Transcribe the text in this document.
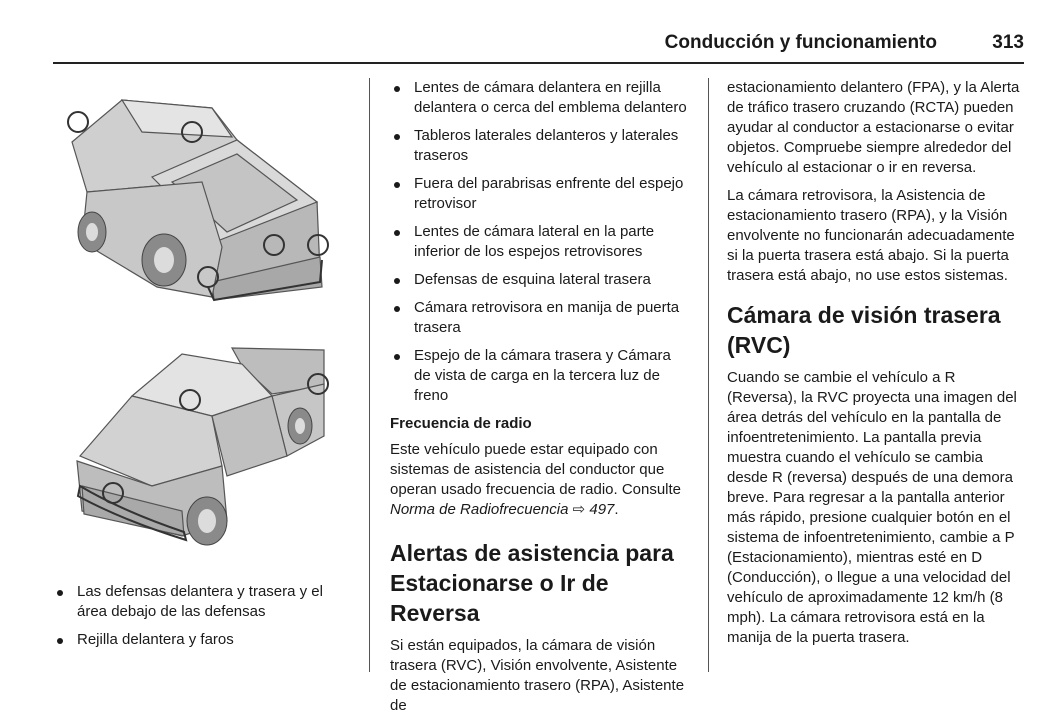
Conducción y funcionamiento	313
Las defensas delantera y trasera y el área debajo de las defensas
Rejilla delantera y faros
Lentes de cámara delantera en rejilla delantera o cerca del emblema delantero
Tableros laterales delanteros y laterales traseros
Fuera del parabrisas enfrente del espejo retrovisor
Lentes de cámara lateral en la parte inferior de los espejos retrovisores
Defensas de esquina lateral trasera
Cámara retrovisora en manija de puerta trasera
Espejo de la cámara trasera y Cámara de vista de carga en la tercera luz de freno
Frecuencia de radio

Este vehículo puede estar equipado con sistemas de asistencia del conductor que operan usado frecuencia de radio. Consulte Norma de Radiofrecuencia ⇨ 497.

Alertas de asistencia para Estacionarse o Ir de Reversa

Si están equipados, la cámara de visión trasera (RVC), Visión envolvente, Asistente de estacionamiento trasero (RPA), Asistente de

estacionamiento delantero (FPA), y la Alerta de tráfico trasero cruzando (RCTA) pueden ayudar al conductor a estacionarse o evitar objetos. Compruebe siempre alrededor del vehículo al estacionar o ir en reversa.

La cámara retrovisora, la Asistencia de estacionamiento trasero (RPA), y la Visión envolvente no funcionarán adecuadamente si la puerta trasera está abajo. Si la puerta trasera está abajo, no use estos sistemas.

Cámara de visión trasera (RVC)

Cuando se cambie el vehículo a R (Reversa), la RVC proyecta una imagen del área detrás del vehículo en la pantalla de infoentretenimiento. La pantalla previa muestra cuando el vehículo se cambia desde R (reversa) después de una demora breve. Para regresar a la pantalla anterior más rápido, presione cualquier botón en el sistema de infoentretenimiento, cambie a P (Estacionamiento), mientras esté en D (Conducción), o llegue a una velocidad del vehículo de aproximadamente 12 km/h (8 mph). La cámara retrovisora está en la manija de la puerta trasera.
